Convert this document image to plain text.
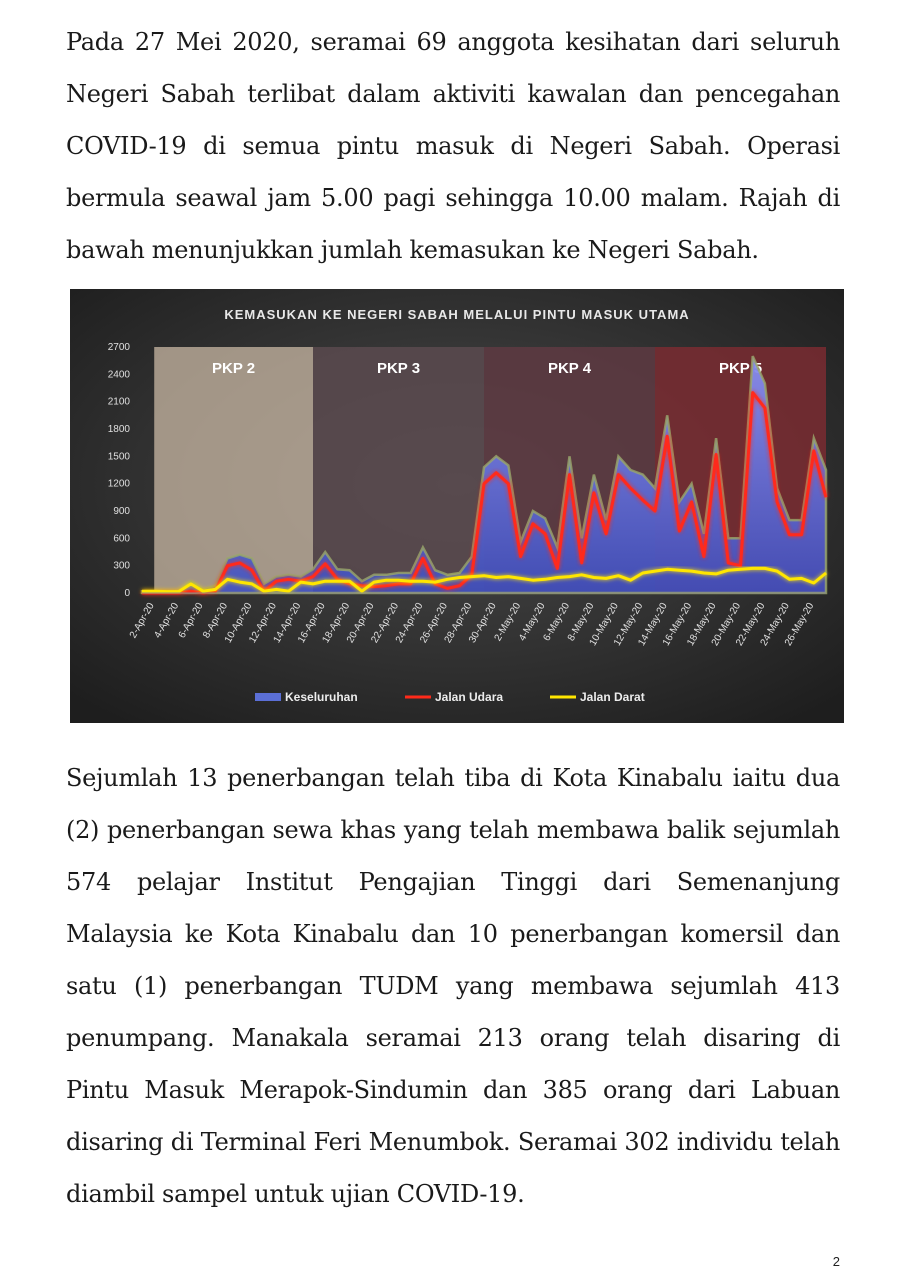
Pada 27 Mei 2020, seramai 69 anggota kesihatan dari seluruh Negeri Sabah terlibat dalam aktiviti kawalan dan pencegahan COVID-19 di semua pintu masuk di Negeri Sabah. Operasi bermula seawal jam 5.00 pagi sehingga 10.00 malam. Rajah di bawah menunjukkan jumlah kemasukan ke Negeri Sabah.

KEMASUKAN KE NEGERI SABAH MELALUI PINTU MASUK UTAMA
PKP 2	PKP 3	PKP 4	PKP 5
0
300
600
900
1200
1500
1800
2100
2400
2700
2-Apr-20
4-Apr-20
6-Apr-20
8-Apr-20
10-Apr-20
12-Apr-20
14-Apr-20
16-Apr-20
18-Apr-20
20-Apr-20
22-Apr-20
24-Apr-20
26-Apr-20
28-Apr-20
30-Apr-20
2-May-20
4-May-20
6-May-20
8-May-20
10-May-20
12-May-20
14-May-20
16-May-20
18-May-20
20-May-20
22-May-20
24-May-20
26-May-20
Keseluruhan	Jalan Udara	Jalan Darat

Sejumlah 13 penerbangan telah tiba di Kota Kinabalu iaitu dua (2) penerbangan sewa khas yang telah membawa balik sejumlah 574 pelajar Institut Pengajian Tinggi dari Semenanjung Malaysia ke Kota Kinabalu dan 10 penerbangan komersil dan satu (1) penerbangan TUDM yang membawa sejumlah 413 penumpang. Manakala seramai 213 orang telah disaring di Pintu Masuk Merapok-Sindumin dan 385 orang dari Labuan disaring di Terminal Feri Menumbok. Seramai 302 individu telah diambil sampel untuk ujian COVID-19.

2
